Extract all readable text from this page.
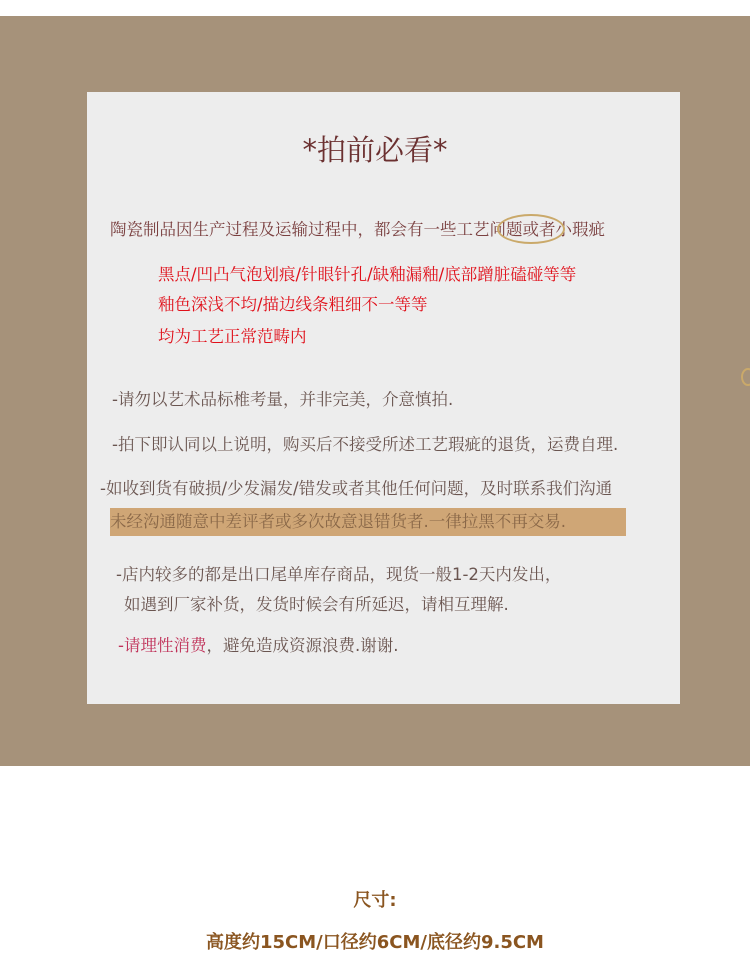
*拍前必看*
陶瓷制品因生产过程及运输过程中，都会有一些工艺问题或者小瑕疵
黑点/凹凸气泡划痕/针眼针孔/缺釉漏釉/底部蹭脏磕碰等等
釉色深浅不均/描边线条粗细不一等等
均为工艺正常范畴内
-请勿以艺术品标椎考量，并非完美，介意慎拍.
-拍下即认同以上说明，购买后不接受所述工艺瑕疵的退货，运费自理.
-如收到货有破损/少发漏发/错发或者其他任何问题，及时联系我们沟通
未经沟通随意中差评者或多次故意退错货者.一律拉黑不再交易.
-店内较多的都是出口尾单库存商品，现货一般1-2天内发出，
如遇到厂家补货，发货时候会有所延迟，请相互理解.
-请理性消费，避免造成资源浪费.谢谢.
尺寸:
高度约15CM/口径约6CM/底径约9.5CM
